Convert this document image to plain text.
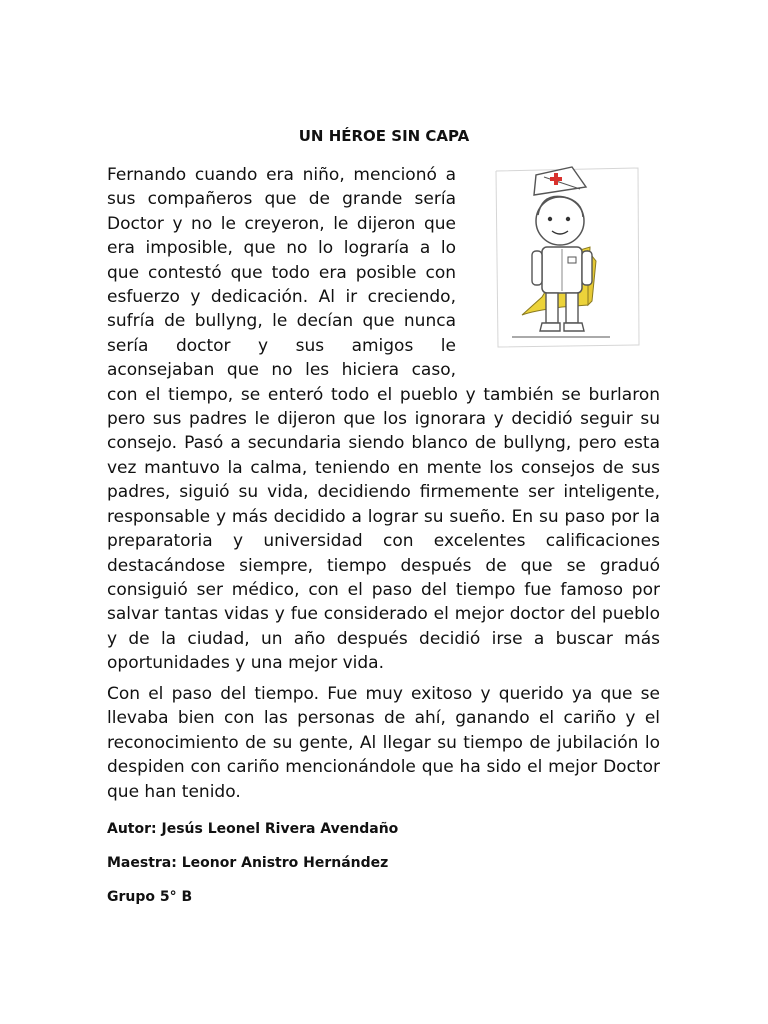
UN HÉROE SIN CAPA
Fernando cuando era niño, mencionó a sus compañeros que de grande sería Doctor y no le creyeron, le dijeron que era imposible, que no lo lograría a lo que contestó que todo era posible con esfuerzo y dedicación. Al ir creciendo, sufría de bullyng, le decían que nunca sería doctor y sus amigos le aconsejaban que no les hiciera caso, con el tiempo, se enteró todo el pueblo y también se burlaron pero sus padres le dijeron que los ignorara y decidió seguir su consejo. Pasó a secundaria siendo blanco de bullyng, pero esta vez mantuvo la calma, teniendo en mente los consejos de sus padres, siguió su vida, decidiendo firmemente ser inteligente, responsable y más decidido a lograr su sueño. En su paso por la preparatoria y universidad con excelentes calificaciones destacándose siempre, tiempo después de que se graduó consiguió ser médico, con el paso del tiempo fue famoso por salvar tantas vidas y fue considerado el mejor doctor del pueblo y de la ciudad, un año después decidió irse a buscar más oportunidades y una mejor vida.
Con el paso del tiempo. Fue muy exitoso y querido ya que se llevaba bien con las personas de ahí, ganando el cariño y el reconocimiento de su gente, Al llegar su tiempo de jubilación lo despiden con cariño mencionándole que ha sido el mejor Doctor que han tenido.
Autor: Jesús Leonel Rivera Avendaño
Maestra: Leonor Anistro Hernández
Grupo 5° B
